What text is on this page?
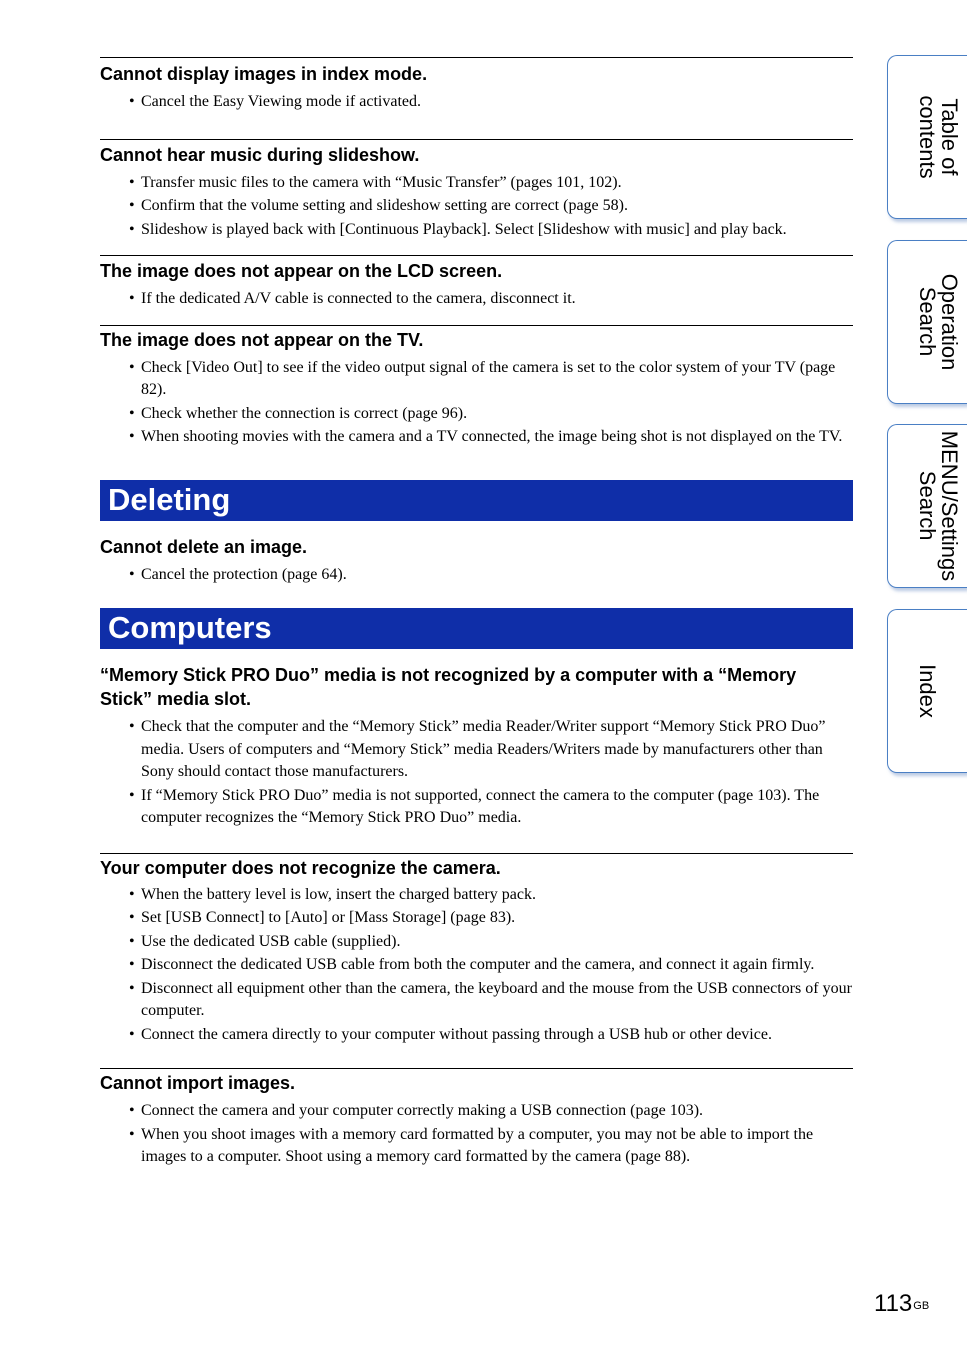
Cannot display images in index mode.
• Cancel the Easy Viewing mode if activated.
Cannot hear music during slideshow.
• Transfer music files to the camera with “Music Transfer” (pages 101, 102).
• Confirm that the volume setting and slideshow setting are correct (page 58).
• Slideshow is played back with [Continuous Playback]. Select [Slideshow with music] and play back.
The image does not appear on the LCD screen.
• If the dedicated A/V cable is connected to the camera, disconnect it.
The image does not appear on the TV.
• Check [Video Out] to see if the video output signal of the camera is set to the color system of your TV (page 82).
• Check whether the connection is correct (page 96).
• When shooting movies with the camera and a TV connected, the image being shot is not displayed on the TV.
Deleting
Cannot delete an image.
• Cancel the protection (page 64).
Computers
“Memory Stick PRO Duo” media is not recognized by a computer with a “Memory Stick” media slot.
• Check that the computer and the “Memory Stick” media Reader/Writer support “Memory Stick PRO Duo” media. Users of computers and “Memory Stick” media Readers/Writers made by manufacturers other than Sony should contact those manufacturers.
• If “Memory Stick PRO Duo” media is not supported, connect the camera to the computer (page 103). The computer recognizes the “Memory Stick PRO Duo” media.
Your computer does not recognize the camera.
• When the battery level is low, insert the charged battery pack.
• Set [USB Connect] to [Auto] or [Mass Storage] (page 83).
• Use the dedicated USB cable (supplied).
• Disconnect the dedicated USB cable from both the computer and the camera, and connect it again firmly.
• Disconnect all equipment other than the camera, the keyboard and the mouse from the USB connectors of your computer.
• Connect the camera directly to your computer without passing through a USB hub or other device.
Cannot import images.
• Connect the camera and your computer correctly making a USB connection (page 103).
• When you shoot images with a memory card formatted by a computer, you may not be able to import the images to a computer. Shoot using a memory card formatted by the camera (page 88).
Table of
contents
Operation
Search
MENU/Settings
Search
Index
$113^{GB}$
